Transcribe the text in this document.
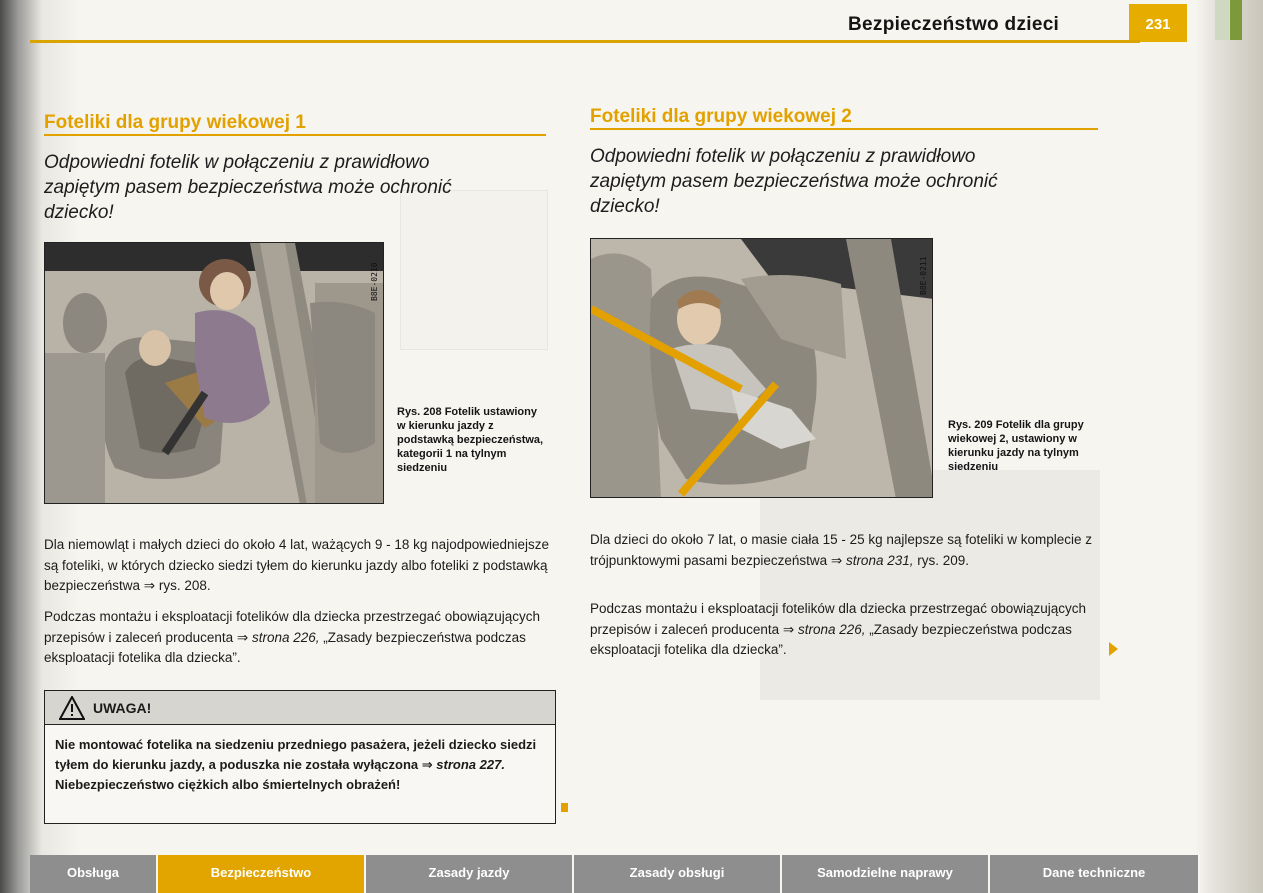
Bezpieczeństwo dzieci	231
Foteliki dla grupy wiekowej 1
Odpowiedni fotelik w połączeniu z prawidłowo zapiętym pasem bezpieczeństwa może ochronić dziecko!
B8E-0210
Rys. 208 Fotelik ustawiony w kierunku jazdy z podstawką bezpieczeństwa, kategorii 1 na tylnym siedzeniu
Dla niemowląt i małych dzieci do około 4 lat, ważących 9 - 18 kg najodpowiedniejsze są foteliki, w których dziecko siedzi tyłem do kierunku jazdy albo foteliki z podstawką bezpieczeństwa ⇒ rys. 208.
Podczas montażu i eksploatacji fotelików dla dziecka przestrzegać obowiązujących przepisów i zaleceń producenta ⇒ strona 226, „Zasady bezpieczeństwa podczas eksploatacji fotelika dla dziecka”.
UWAGA!
Nie montować fotelika na siedzeniu przedniego pasażera, jeżeli dziecko siedzi tyłem do kierunku jazdy, a poduszka nie została wyłączona ⇒ strona 227. Niebezpieczeństwo ciężkich albo śmiertelnych obrażeń!
Foteliki dla grupy wiekowej 2
Odpowiedni fotelik w połączeniu z prawidłowo zapiętym pasem bezpieczeństwa może ochronić dziecko!
B8E-0211
Rys. 209 Fotelik dla grupy wiekowej 2, ustawiony w kierunku jazdy na tylnym siedzeniu
Dla dzieci do około 7 lat, o masie ciała 15 - 25 kg najlepsze są foteliki w komplecie z trójpunktowymi pasami bezpieczeństwa ⇒ strona 231, rys. 209.
Podczas montażu i eksploatacji fotelików dla dziecka przestrzegać obowiązujących przepisów i zaleceń producenta ⇒ strona 226, „Zasady bezpieczeństwa podczas eksploatacji fotelika dla dziecka”.
Obsługa	Bezpieczeństwo	Zasady jazdy	Zasady obsługi	Samodzielne naprawy	Dane techniczne
